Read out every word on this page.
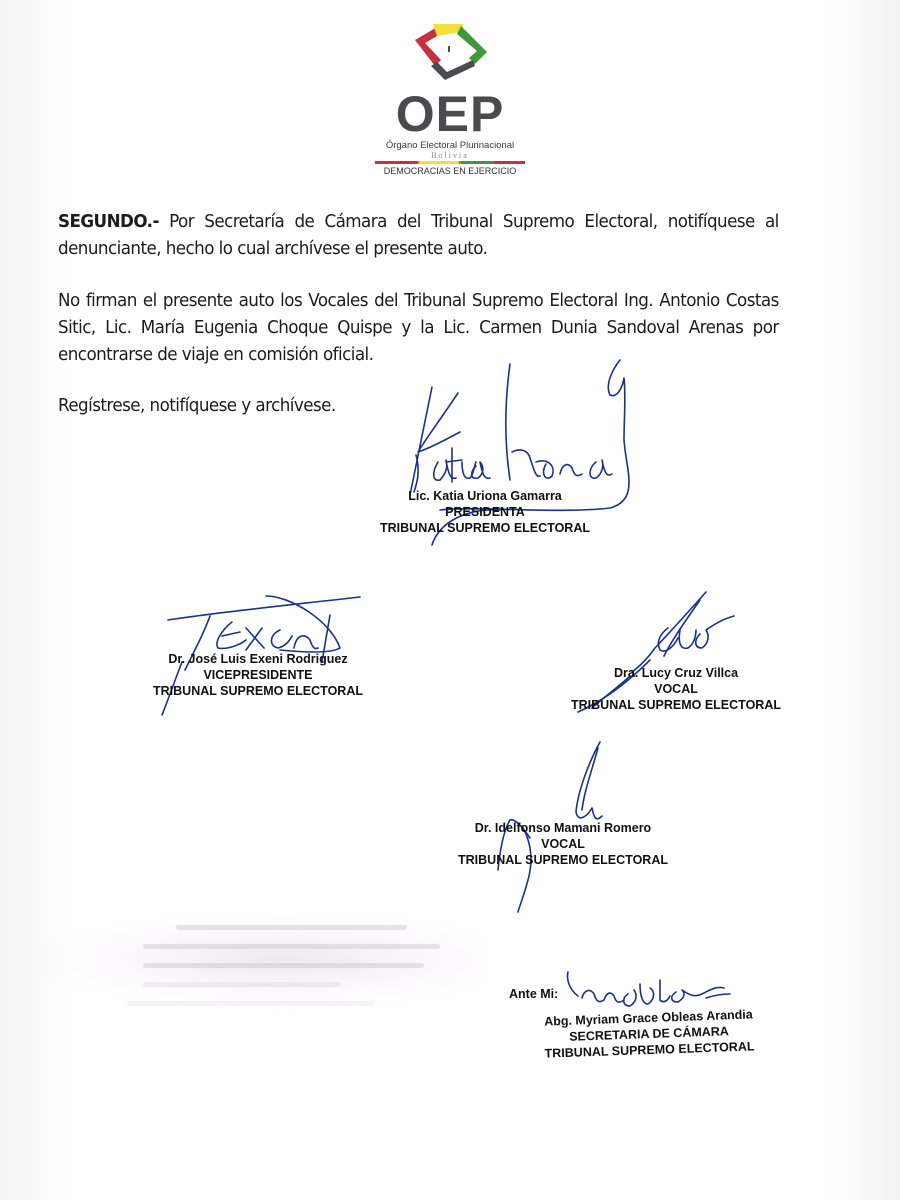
OEP
Órgano Electoral Plurinacional
Bolivia
DEMOCRACIAS EN EJERCICIO
SEGUNDO.- Por Secretaría de Cámara del Tribunal Supremo Electoral, notifíquese al denunciante, hecho lo cual archívese el presente auto.
No firman el presente auto los Vocales del Tribunal Supremo Electoral Ing. Antonio Costas Sitic, Lic. María Eugenia Choque Quispe y la Lic. Carmen Dunia Sandoval Arenas por encontrarse de viaje en comisión oficial.
Regístrese, notifíquese y archívese.
Lic. Katia Uriona Gamarra
PRESIDENTA
TRIBUNAL SUPREMO ELECTORAL
Dr. José Luis Exeni Rodriguez
VICEPRESIDENTE
TRIBUNAL SUPREMO ELECTORAL
Dra. Lucy Cruz Villca
VOCAL
TRIBUNAL SUPREMO ELECTORAL
Dr. Idelfonso Mamani Romero
VOCAL
TRIBUNAL SUPREMO ELECTORAL
Ante Mi:
Abg. Myriam Grace Obleas Arandia
SECRETARIA DE CÁMARA
TRIBUNAL SUPREMO ELECTORAL
